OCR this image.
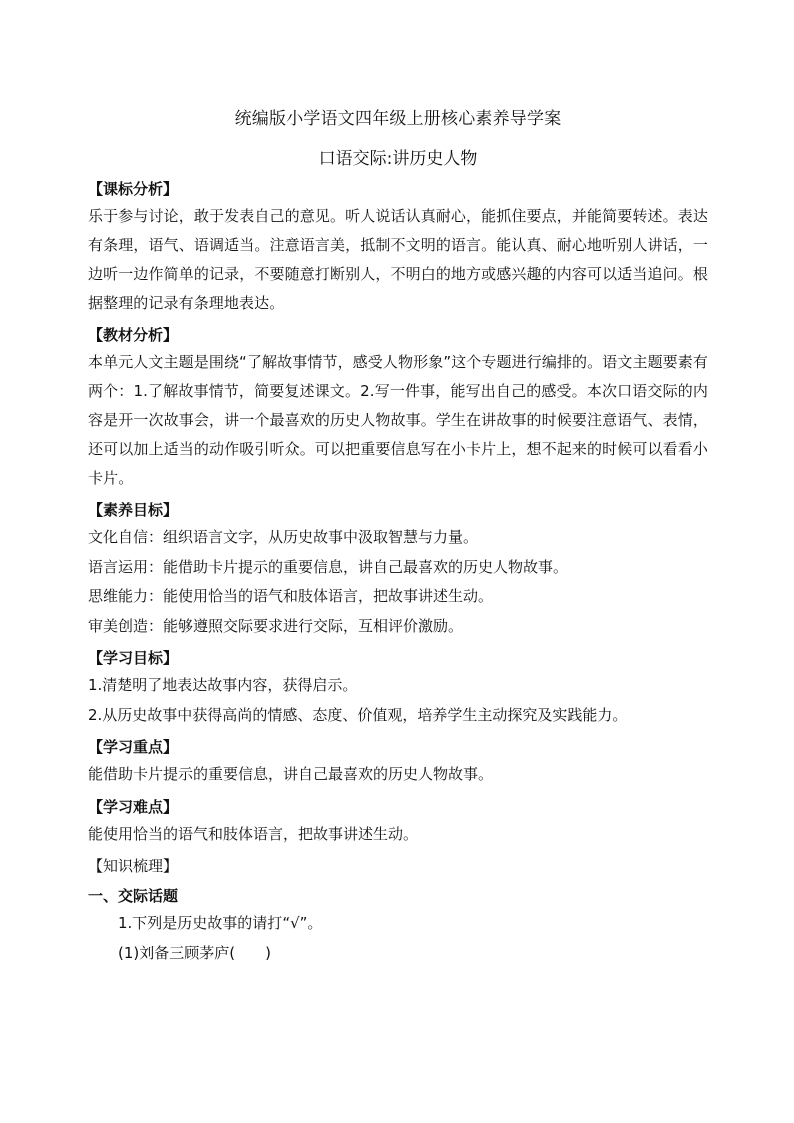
统编版小学语文四年级上册核心素养导学案
口语交际:讲历史人物
【课标分析】

乐于参与讨论，敢于发表自己的意见。听人说话认真耐心，能抓住要点，并能简要转述。表达有条理，语气、语调适当。注意语言美，抵制不文明的语言。能认真、耐心地听别人讲话，一边听一边作简单的记录，不要随意打断别人，不明白的地方或感兴趣的内容可以适当追问。根据整理的记录有条理地表达。

【教材分析】

本单元人文主题是围绕“了解故事情节，感受人物形象”这个专题进行编排的。语文主题要素有两个：1.了解故事情节，简要复述课文。2.写一件事，能写出自己的感受。本次口语交际的内容是开一次故事会，讲一个最喜欢的历史人物故事。学生在讲故事的时候要注意语气、表情，还可以加上适当的动作吸引听众。可以把重要信息写在小卡片上，想不起来的时候可以看看小卡片。

【素养目标】
文化自信：组织语言文字，从历史故事中汲取智慧与力量。
语言运用：能借助卡片提示的重要信息，讲自己最喜欢的历史人物故事。
思维能力：能使用恰当的语气和肢体语言，把故事讲述生动。
审美创造：能够遵照交际要求进行交际，互相评价激励。
【学习目标】
1.清楚明了地表达故事内容，获得启示。
2.从历史故事中获得高尚的情感、态度、价值观，培养学生主动探究及实践能力。
【学习重点】
能借助卡片提示的重要信息，讲自己最喜欢的历史人物故事。
【学习难点】
能使用恰当的语气和肢体语言，把故事讲述生动。
【知识梳理】
一、交际话题
1.下列是历史故事的请打“√”。
(1)刘备三顾茅庐(　　)
